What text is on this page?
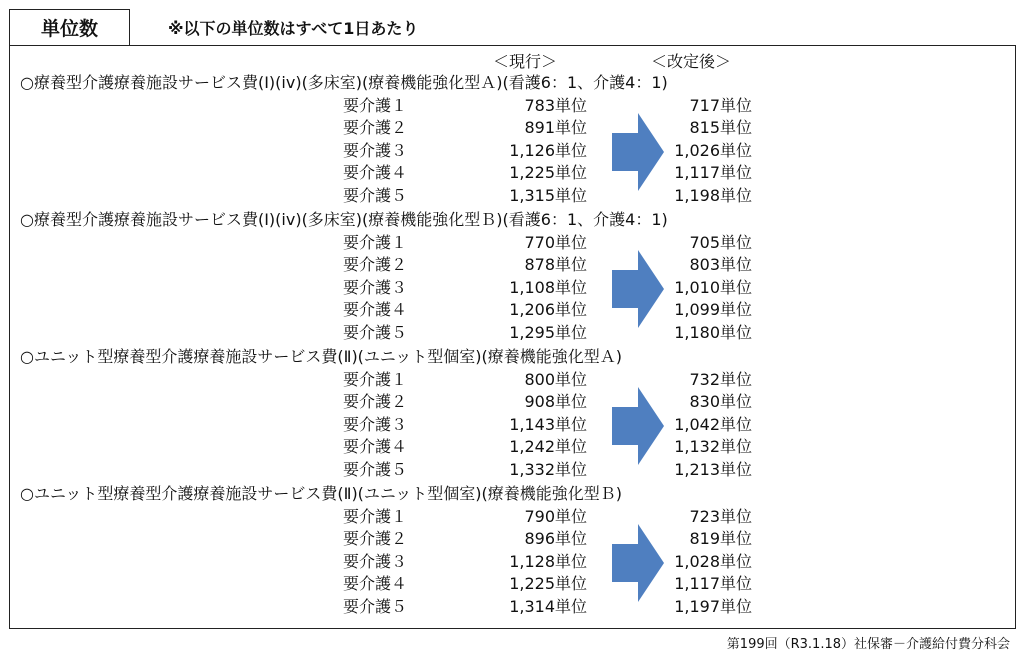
単位数	※以下の単位数はすべて1日あたり
＜現行＞	＜改定後＞
○療養型介護療養施設サービス費(Ⅰ)(iv)(多床室)(療養機能強化型Ａ)(看護6：1、介護4：1)
要介護１	783単位	717単位
要介護２	891単位	815単位
要介護３	1,126単位	1,026単位
要介護４	1,225単位	1,117単位
要介護５	1,315単位	1,198単位
○療養型介護療養施設サービス費(Ⅰ)(iv)(多床室)(療養機能強化型Ｂ)(看護6：1、介護4：1)
要介護１	770単位	705単位
要介護２	878単位	803単位
要介護３	1,108単位	1,010単位
要介護４	1,206単位	1,099単位
要介護５	1,295単位	1,180単位
○ユニット型療養型介護療養施設サービス費(Ⅱ)(ユニット型個室)(療養機能強化型Ａ)
要介護１	800単位	732単位
要介護２	908単位	830単位
要介護３	1,143単位	1,042単位
要介護４	1,242単位	1,132単位
要介護５	1,332単位	1,213単位
○ユニット型療養型介護療養施設サービス費(Ⅱ)(ユニット型個室)(療養機能強化型Ｂ)
要介護１	790単位	723単位
要介護２	896単位	819単位
要介護３	1,128単位	1,028単位
要介護４	1,225単位	1,117単位
要介護５	1,314単位	1,197単位
第199回（R3.1.18）社保審－介護給付費分科会
